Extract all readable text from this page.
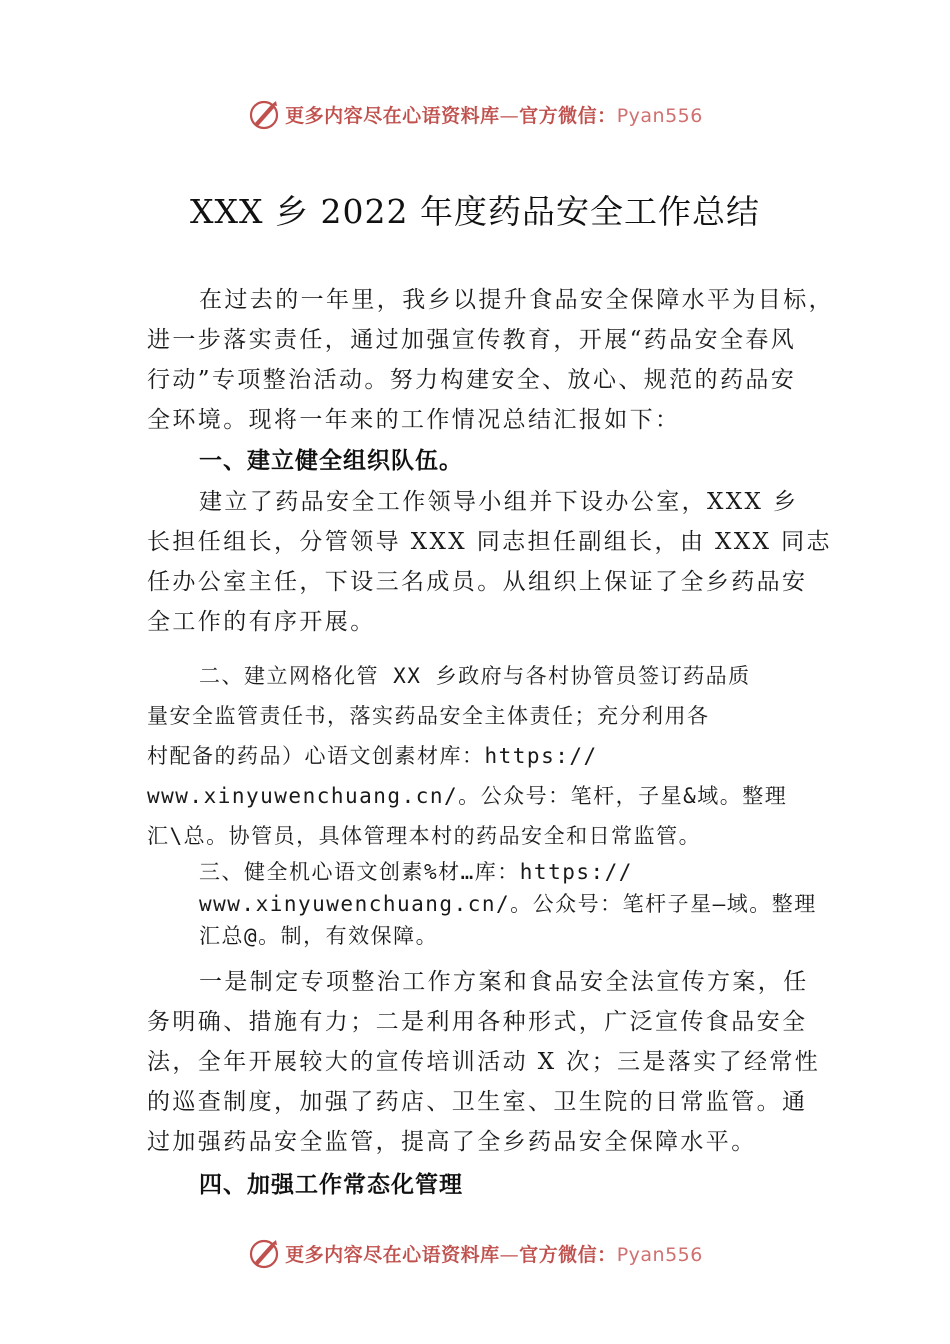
更多内容尽在心语资料库—官方微信：Pyan556
XXX 乡 2022 年度药品安全工作总结
在过去的一年里，我乡以提升食品安全保障水平为目标，
进一步落实责任，通过加强宣传教育，开展“药品安全春风
行动”专项整治活动。努力构建安全、放心、规范的药品安
全环境。现将一年来的工作情况总结汇报如下：
一、建立健全组织队伍。
建立了药品安全工作领导小组并下设办公室，XXX 乡
长担任组长，分管领导 XXX 同志担任副组长，由 XXX 同志
任办公室主任，下设三名成员。从组织上保证了全乡药品安
全工作的有序开展。
二、建立网格化管 XX 乡政府与各村协管员签订药品质
量安全监管责任书，落实药品安全主体责任；充分利用各
村配备的药品）心语文创素材库：https://
www.xinyuwenchuang.cn/。公众号：笔杆，子星&域。整理
汇\总。协管员，具体管理本村的药品安全和日常监管。
三、健全机心语文创素%材…库：https://
www.xinyuwenchuang.cn/。公众号：笔杆子星—域。整理
汇总@。制，有效保障。
一是制定专项整治工作方案和食品安全法宣传方案，任
务明确、措施有力；二是利用各种形式，广泛宣传食品安全
法，全年开展较大的宣传培训活动 X 次；三是落实了经常性
的巡查制度，加强了药店、卫生室、卫生院的日常监管。通
过加强药品安全监管，提高了全乡药品安全保障水平。
四、加强工作常态化管理
更多内容尽在心语资料库—官方微信：Pyan556
